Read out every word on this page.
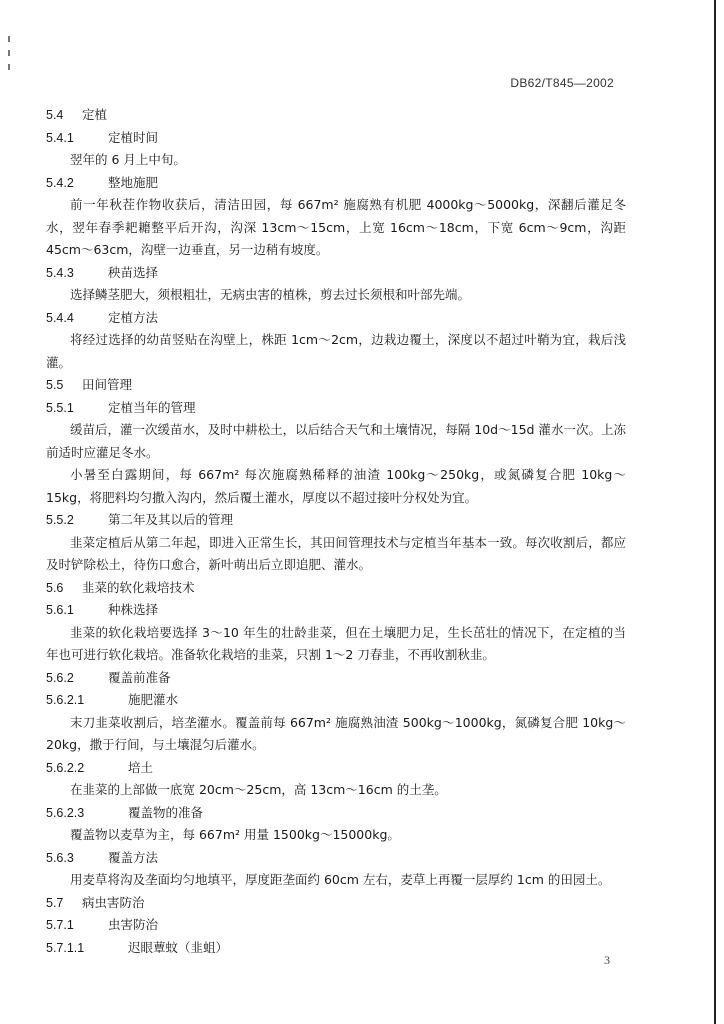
DB62/T845—2002
5.4 定植
5.4.1	定植时间
翌年的 6 月上中旬。
5.4.2	整地施肥
前一年秋茬作物收获后，清洁田园，每 667m² 施腐熟有机肥 4000kg～5000kg，深翻后灌足冬水，翌年春季耙耱整平后开沟，沟深 13cm～15cm，上宽 16cm～18cm，下宽 6cm～9cm，沟距 45cm～63cm，沟壁一边垂直，另一边稍有坡度。
5.4.3	秧苗选择
选择鳞茎肥大，须根粗壮，无病虫害的植株，剪去过长须根和叶部先端。
5.4.4	定植方法
将经过选择的幼苗竖贴在沟壁上，株距 1cm～2cm，边栽边覆土，深度以不超过叶鞘为宜，栽后浅灌。
5.5 田间管理
5.5.1	定植当年的管理
缓苗后，灌一次缓苗水，及时中耕松土，以后结合天气和土壤情况，每隔 10d～15d 灌水一次。上冻前适时应灌足冬水。
小暑至白露期间，每 667m² 每次施腐熟稀释的油渣 100kg～250kg，或氮磷复合肥 10kg～15kg，将肥料均匀撒入沟内，然后覆土灌水，厚度以不超过接叶分权处为宜。
5.5.2	第二年及其以后的管理
韭菜定植后从第二年起，即进入正常生长，其田间管理技术与定植当年基本一致。每次收割后，都应及时铲除松土，待伤口愈合，新叶萌出后立即追肥、灌水。
5.6 韭菜的软化栽培技术
5.6.1	种株选择
韭菜的软化栽培要选择 3～10 年生的壮龄韭菜，但在土壤肥力足，生长茁壮的情况下，在定植的当年也可进行软化栽培。准备软化栽培的韭菜，只割 1～2 刀春韭，不再收割秋韭。
5.6.2	覆盖前准备
5.6.2.1	施肥灌水
末刀韭菜收割后，培垄灌水。覆盖前每 667m² 施腐熟油渣 500kg～1000kg，氮磷复合肥 10kg～20kg，撒于行间，与土壤混匀后灌水。
5.6.2.2	培土
在韭菜的上部做一底宽 20cm～25cm，高 13cm～16cm 的土垄。
5.6.2.3	覆盖物的准备
覆盖物以麦草为主，每 667m² 用量 1500kg～15000kg。
5.6.3	覆盖方法
用麦草将沟及垄面均匀地填平，厚度距垄面约 60cm 左右，麦草上再覆一层厚约 1cm 的田园土。
5.7 病虫害防治
5.7.1	虫害防治
5.7.1.1	迟眼蕈蚊（韭蛆）
3
